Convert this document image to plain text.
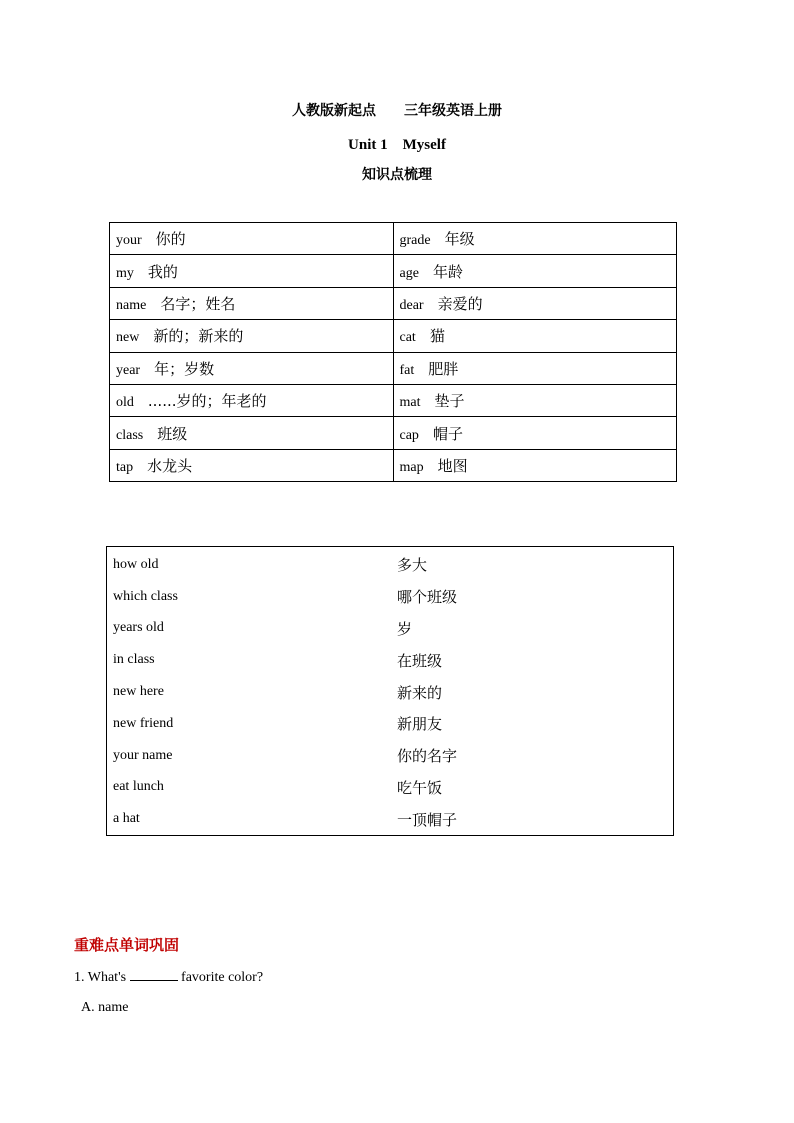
人教版新起点　　三年级英语上册
Unit 1　Myself
知识点梳理
your 你的	grade 年级
my 我的	age 年龄
name 名字；姓名	dear 亲爱的
new 新的；新来的	cat 猫
year 年；岁数	fat 肥胖
old ......岁的；年老的	mat 垫子
class 班级	cap 帽子
tap 水龙头	map 地图
how old	多大
which class	哪个班级
years old	岁
in class	在班级
new here	新来的
new friend	新朋友
your name	你的名字
eat lunch	吃午饭
a hat	一顶帽子

重难点单词巩固

1. What's	favorite color?

A. name
